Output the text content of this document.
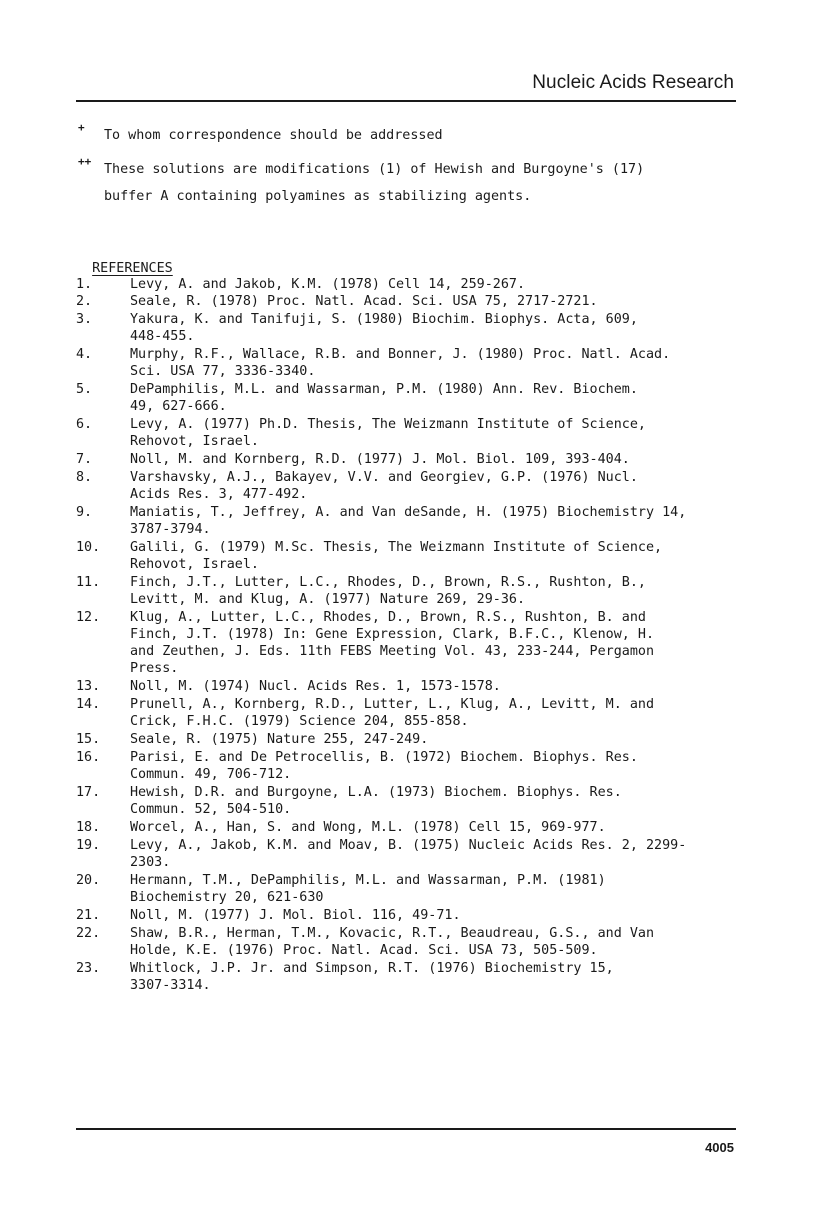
Nucleic Acids Research

+

To whom correspondence should be addressed

++

These solutions are modifications (1) of Hewish and Burgoyne's (17)

buffer A containing polyamines as stabilizing agents.

REFERENCES

1.	Levy, A. and Jakob, K.M. (1978) Cell 14, 259-267.
2.	Seale, R. (1978) Proc. Natl. Acad. Sci. USA 75, 2717-2721.
3.	Yakura, K. and Tanifuji, S. (1980) Biochim. Biophys. Acta, 609,
448-455.
4.	Murphy, R.F., Wallace, R.B. and Bonner, J. (1980) Proc. Natl. Acad.
Sci. USA 77, 3336-3340.
5.	DePamphilis, M.L. and Wassarman, P.M. (1980) Ann. Rev. Biochem.
49, 627-666.
6.	Levy, A. (1977) Ph.D. Thesis, The Weizmann Institute of Science,
Rehovot, Israel.
7.	Noll, M. and Kornberg, R.D. (1977) J. Mol. Biol. 109, 393-404.
8.	Varshavsky, A.J., Bakayev, V.V. and Georgiev, G.P. (1976) Nucl.
Acids Res. 3, 477-492.
9.	Maniatis, T., Jeffrey, A. and Van deSande, H. (1975) Biochemistry 14,
3787-3794.
10.	Galili, G. (1979) M.Sc. Thesis, The Weizmann Institute of Science,
Rehovot, Israel.
11.	Finch, J.T., Lutter, L.C., Rhodes, D., Brown, R.S., Rushton, B.,
Levitt, M. and Klug, A. (1977) Nature 269, 29-36.
12.	Klug, A., Lutter, L.C., Rhodes, D., Brown, R.S., Rushton, B. and
Finch, J.T. (1978) In: Gene Expression, Clark, B.F.C., Klenow, H.
and Zeuthen, J. Eds. 11th FEBS Meeting Vol. 43, 233-244, Pergamon
Press.
13.	Noll, M. (1974) Nucl. Acids Res. 1, 1573-1578.
14.	Prunell, A., Kornberg, R.D., Lutter, L., Klug, A., Levitt, M. and
Crick, F.H.C. (1979) Science 204, 855-858.
15.	Seale, R. (1975) Nature 255, 247-249.
16.	Parisi, E. and De Petrocellis, B. (1972) Biochem. Biophys. Res.
Commun. 49, 706-712.
17.	Hewish, D.R. and Burgoyne, L.A. (1973) Biochem. Biophys. Res.
Commun. 52, 504-510.
18.	Worcel, A., Han, S. and Wong, M.L. (1978) Cell 15, 969-977.
19.	Levy, A., Jakob, K.M. and Moav, B. (1975) Nucleic Acids Res. 2, 2299-
2303.
20.	Hermann, T.M., DePamphilis, M.L. and Wassarman, P.M. (1981)
Biochemistry 20, 621-630
21.	Noll, M. (1977) J. Mol. Biol. 116, 49-71.
22.	Shaw, B.R., Herman, T.M., Kovacic, R.T., Beaudreau, G.S., and Van
Holde, K.E. (1976) Proc. Natl. Acad. Sci. USA 73, 505-509.
23.	Whitlock, J.P. Jr. and Simpson, R.T. (1976) Biochemistry 15,
3307-3314.
4005
